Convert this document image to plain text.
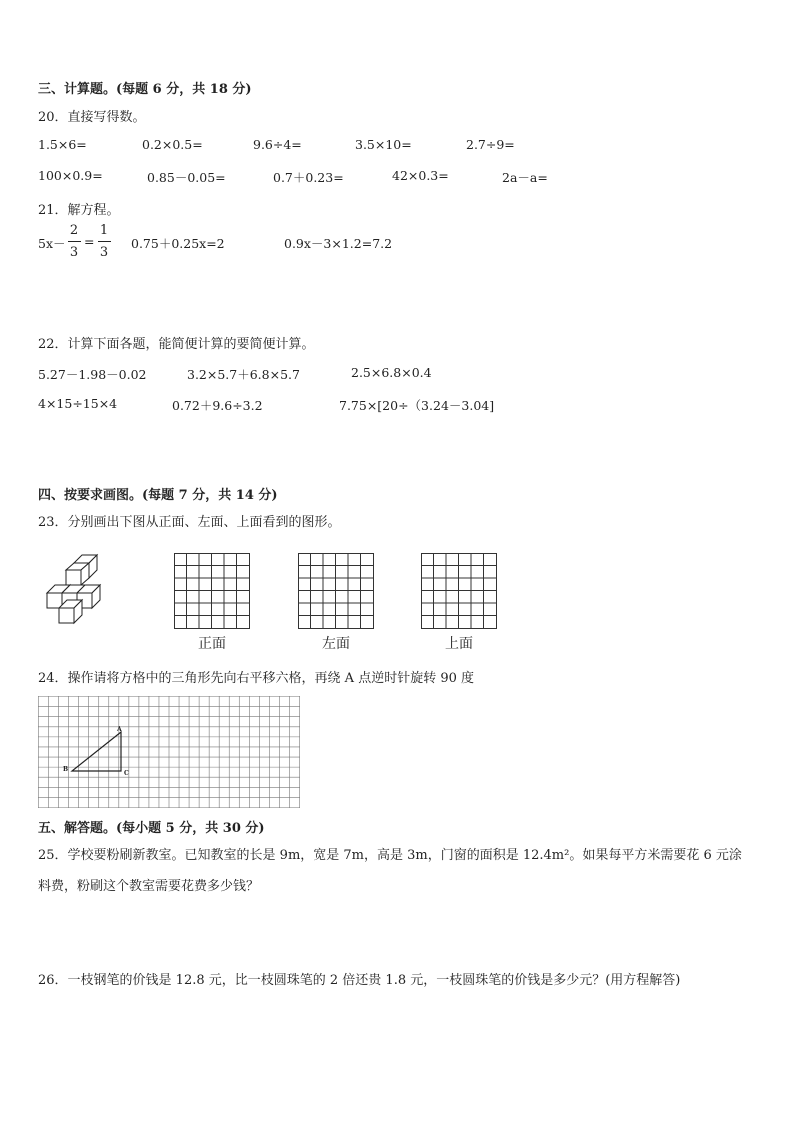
三、计算题。(每题 6 分，共 18 分)
20．直接写得数。
1.5×6=	0.2×0.5=	9.6÷4=	3.5×10=	2.7÷9=
100×0.9=	0.85－0.05=	0.7＋0.23=	42×0.3=	2a－a=
21．解方程。
5x－
2
3
=
1
3
0.75＋0.25x=2	0.9x－3×1.2=7.2
22．计算下面各题，能简便计算的要简便计算。
5.27－1.98－0.02	3.2×5.7＋6.8×5.7	2.5×6.8×0.4
4×15÷15×4	0.72＋9.6÷3.2	7.75×[20÷（3.24－3.04]
四、按要求画图。(每题 7 分，共 14 分)
23．分别画出下图从正面、左面、上面看到的图形。
正面	左面	上面
24．操作请将方格中的三角形先向右平移六格，再绕 A 点逆时针旋转 90 度
A
B
C
五、解答题。(每小题 5 分，共 30 分)
25．学校要粉刷新教室。已知教室的长是 9m，宽是 7m，高是 3m，门窗的面积是 12.4m²。如果每平方米需要花 6 元涂
料费，粉刷这个教室需要花费多少钱？
26．一枝钢笔的价钱是 12.8 元，比一枝圆珠笔的 2 倍还贵 1.8 元，一枝圆珠笔的价钱是多少元？(用方程解答)
